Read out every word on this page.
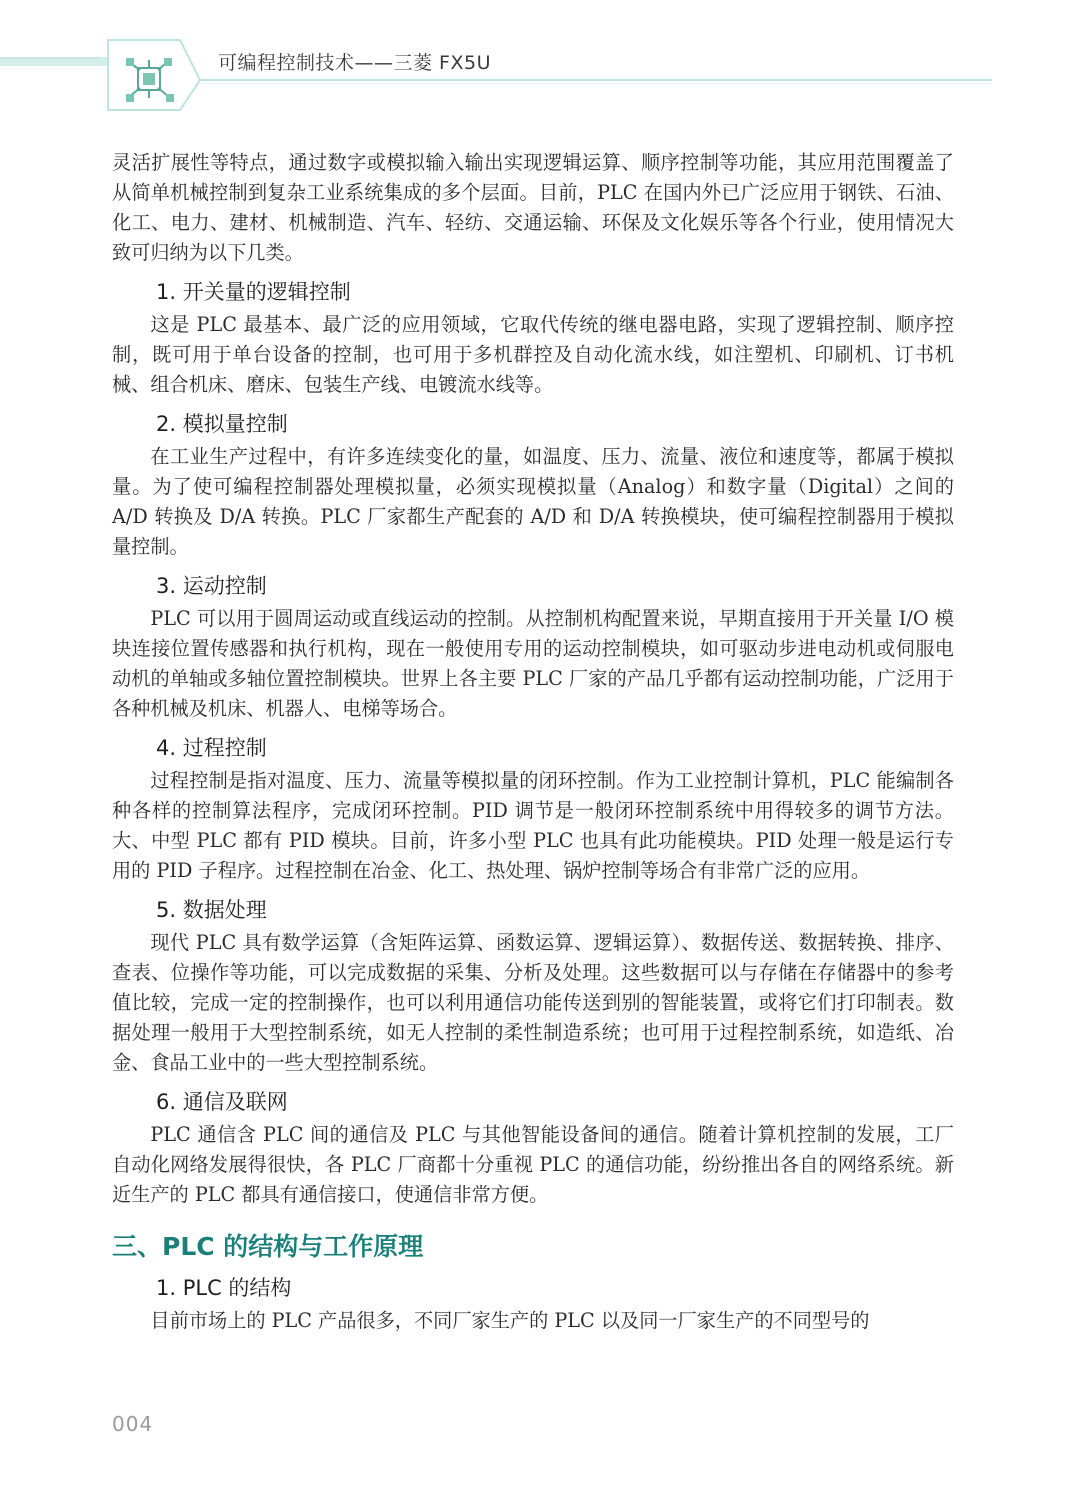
可编程控制技术——三菱 FX5U

灵活扩展性等特点，通过数字或模拟输入输出实现逻辑运算、顺序控制等功能，其应用范围覆盖了从简单机械控制到复杂工业系统集成的多个层面。目前，PLC 在国内外已广泛应用于钢铁、石油、化工、电力、建材、机械制造、汽车、轻纺、交通运输、环保及文化娱乐等各个行业，使用情况大致可归纳为以下几类。

1. 开关量的逻辑控制

这是 PLC 最基本、最广泛的应用领域，它取代传统的继电器电路，实现了逻辑控制、顺序控制，既可用于单台设备的控制，也可用于多机群控及自动化流水线，如注塑机、印刷机、订书机械、组合机床、磨床、包装生产线、电镀流水线等。

2. 模拟量控制

在工业生产过程中，有许多连续变化的量，如温度、压力、流量、液位和速度等，都属于模拟量。为了使可编程控制器处理模拟量，必须实现模拟量（Analog）和数字量（Digital）之间的 A/D 转换及 D/A 转换。PLC 厂家都生产配套的 A/D 和 D/A 转换模块，使可编程控制器用于模拟量控制。

3. 运动控制

PLC 可以用于圆周运动或直线运动的控制。从控制机构配置来说，早期直接用于开关量 I/O 模块连接位置传感器和执行机构，现在一般使用专用的运动控制模块，如可驱动步进电动机或伺服电动机的单轴或多轴位置控制模块。世界上各主要 PLC 厂家的产品几乎都有运动控制功能，广泛用于各种机械及机床、机器人、电梯等场合。

4. 过程控制

过程控制是指对温度、压力、流量等模拟量的闭环控制。作为工业控制计算机，PLC 能编制各种各样的控制算法程序，完成闭环控制。PID 调节是一般闭环控制系统中用得较多的调节方法。大、中型 PLC 都有 PID 模块。目前，许多小型 PLC 也具有此功能模块。PID 处理一般是运行专用的 PID 子程序。过程控制在冶金、化工、热处理、锅炉控制等场合有非常广泛的应用。

5. 数据处理

现代 PLC 具有数学运算（含矩阵运算、函数运算、逻辑运算）、数据传送、数据转换、排序、查表、位操作等功能，可以完成数据的采集、分析及处理。这些数据可以与存储在存储器中的参考值比较，完成一定的控制操作，也可以利用通信功能传送到别的智能装置，或将它们打印制表。数据处理一般用于大型控制系统，如无人控制的柔性制造系统；也可用于过程控制系统，如造纸、冶金、食品工业中的一些大型控制系统。

6. 通信及联网

PLC 通信含 PLC 间的通信及 PLC 与其他智能设备间的通信。随着计算机控制的发展，工厂自动化网络发展得很快，各 PLC 厂商都十分重视 PLC 的通信功能，纷纷推出各自的网络系统。新近生产的 PLC 都具有通信接口，使通信非常方便。

三、PLC 的结构与工作原理
1. PLC 的结构

目前市场上的 PLC 产品很多，不同厂家生产的 PLC 以及同一厂家生产的不同型号的

004
